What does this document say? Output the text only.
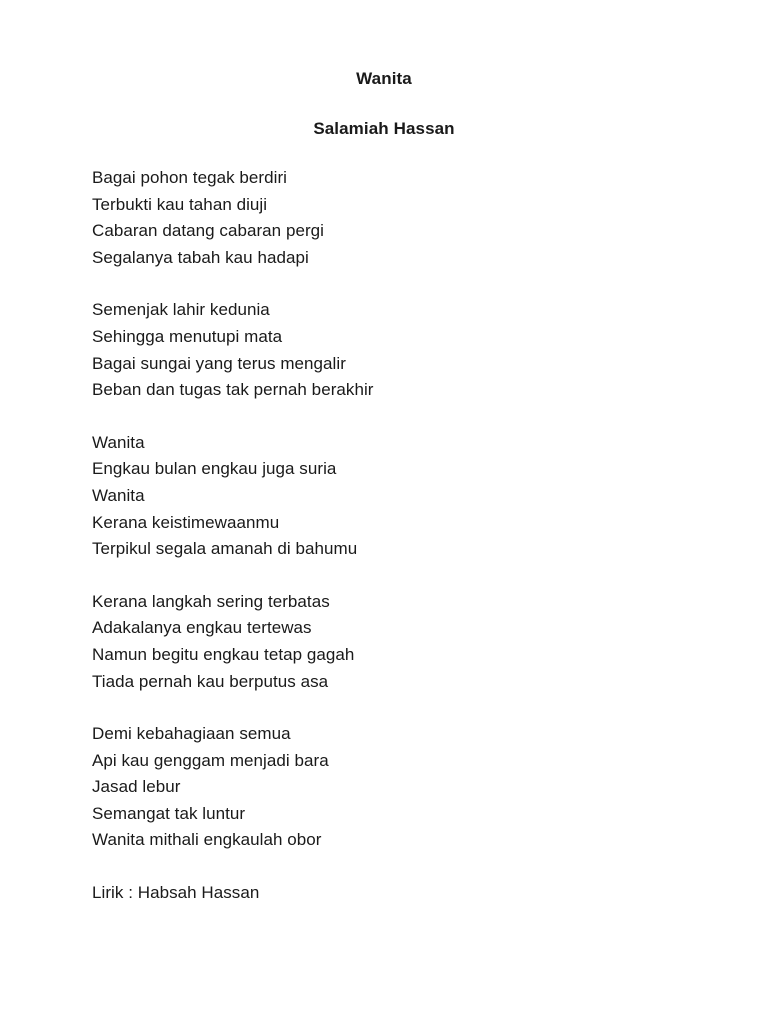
Wanita
Salamiah Hassan

Bagai pohon tegak berdiri

Terbukti kau tahan diuji

Cabaran datang cabaran pergi

Segalanya tabah kau hadapi

Semenjak lahir kedunia

Sehingga menutupi mata

Bagai sungai yang terus mengalir

Beban dan tugas tak pernah berakhir

Wanita

Engkau bulan engkau juga suria

Wanita

Kerana keistimewaanmu

Terpikul segala amanah di bahumu

Kerana langkah sering terbatas

Adakalanya engkau tertewas

Namun begitu engkau tetap gagah

Tiada pernah kau berputus asa

Demi kebahagiaan semua

Api kau genggam menjadi bara

Jasad lebur

Semangat tak luntur

Wanita mithali engkaulah obor

Lirik : Habsah Hassan
